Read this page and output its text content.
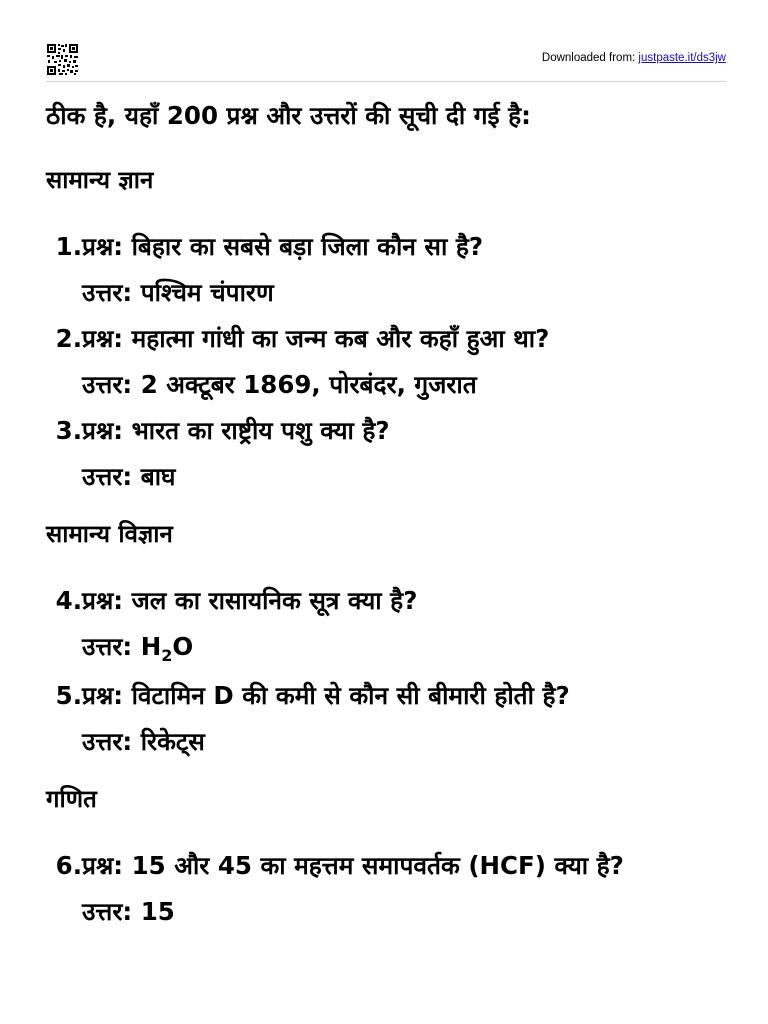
Downloaded from: justpaste.it/ds3jw
ठीक है, यहाँ 200 प्रश्न और उत्तरों की सूची दी गई है:
सामान्य ज्ञान
1. प्रश्न: बिहार का सबसे बड़ा जिला कौन सा है?
उत्तर: पश्चिम चंपारण
2. प्रश्न: महात्मा गांधी का जन्म कब और कहाँ हुआ था?
उत्तर: 2 अक्टूबर 1869, पोरबंदर, गुजरात
3. प्रश्न: भारत का राष्ट्रीय पशु क्या है?
उत्तर: बाघ
सामान्य विज्ञान
4. प्रश्न: जल का रासायनिक सूत्र क्या है?
उत्तर: $H_2O$
5. प्रश्न: विटामिन D की कमी से कौन सी बीमारी होती है?
उत्तर: रिकेट्स
गणित
6. प्रश्न: 15 और 45 का महत्तम समापवर्तक (HCF) क्या है?
उत्तर: 15
